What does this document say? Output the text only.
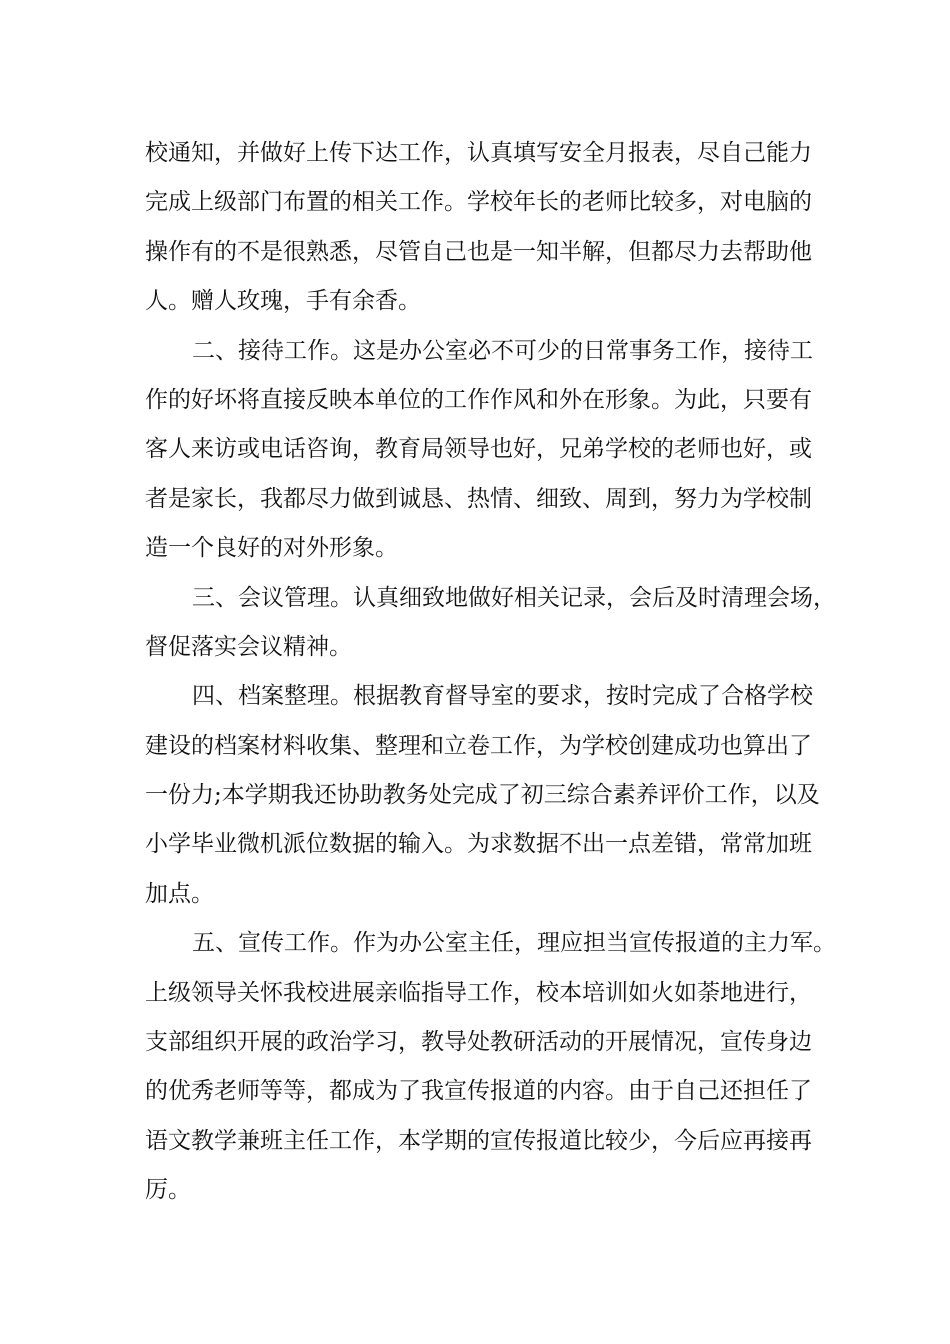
校通知，并做好上传下达工作，认真填写安全月报表，尽自己能力
完成上级部门布置的相关工作。学校年长的老师比较多，对电脑的
操作有的不是很熟悉，尽管自己也是一知半解，但都尽力去帮助他
人。赠人玫瑰，手有余香。
二、接待工作。这是办公室必不可少的日常事务工作，接待工
作的好坏将直接反映本单位的工作作风和外在形象。为此，只要有
客人来访或电话咨询，教育局领导也好，兄弟学校的老师也好，或
者是家长，我都尽力做到诚恳、热情、细致、周到，努力为学校制
造一个良好的对外形象。
三、会议管理。认真细致地做好相关记录，会后及时清理会场，
督促落实会议精神。
四、档案整理。根据教育督导室的要求，按时完成了合格学校
建设的档案材料收集、整理和立卷工作，为学校创建成功也算出了
一份力;本学期我还协助教务处完成了初三综合素养评价工作，以及
小学毕业微机派位数据的输入。为求数据不出一点差错，常常加班
加点。
五、宣传工作。作为办公室主任，理应担当宣传报道的主力军。
上级领导关怀我校进展亲临指导工作，校本培训如火如荼地进行，
支部组织开展的政治学习，教导处教研活动的开展情况，宣传身边
的优秀老师等等，都成为了我宣传报道的内容。由于自己还担任了
语文教学兼班主任工作，本学期的宣传报道比较少，今后应再接再
厉。
